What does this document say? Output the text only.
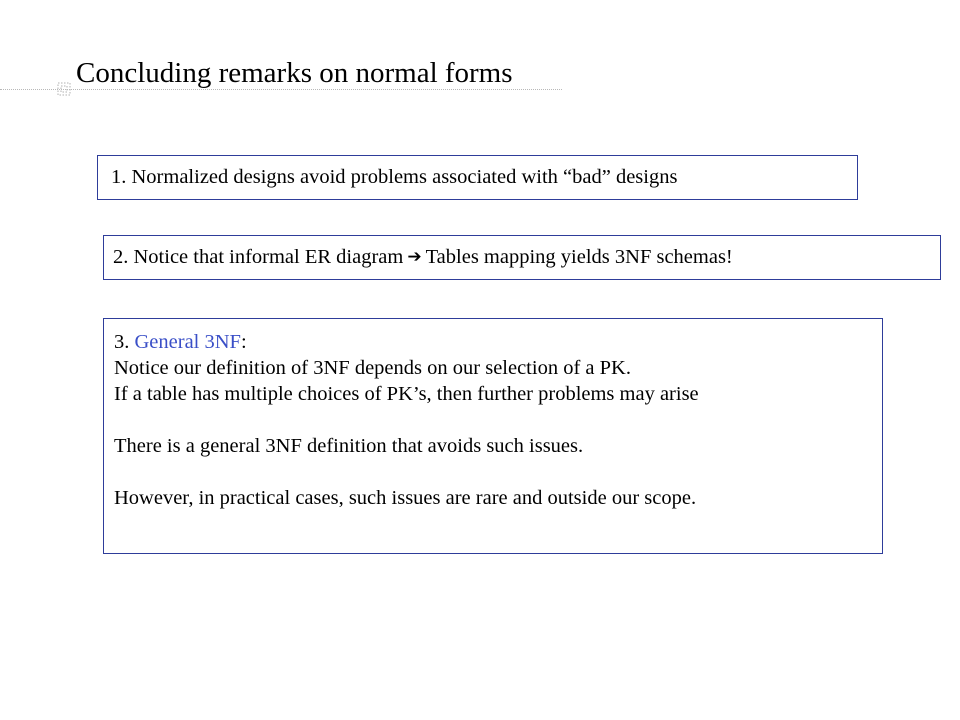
Concluding remarks on normal forms
1. Normalized designs avoid problems associated with “bad” designs
2. Notice that informal ER diagram ➔ Tables mapping yields 3NF schemas!
3. General 3NF:
Notice our definition of 3NF depends on our selection of a PK.
If a table has multiple choices of PK’s, then further problems may arise
There is a general 3NF definition that avoids such issues.
However, in practical cases, such issues are rare and outside our scope.
